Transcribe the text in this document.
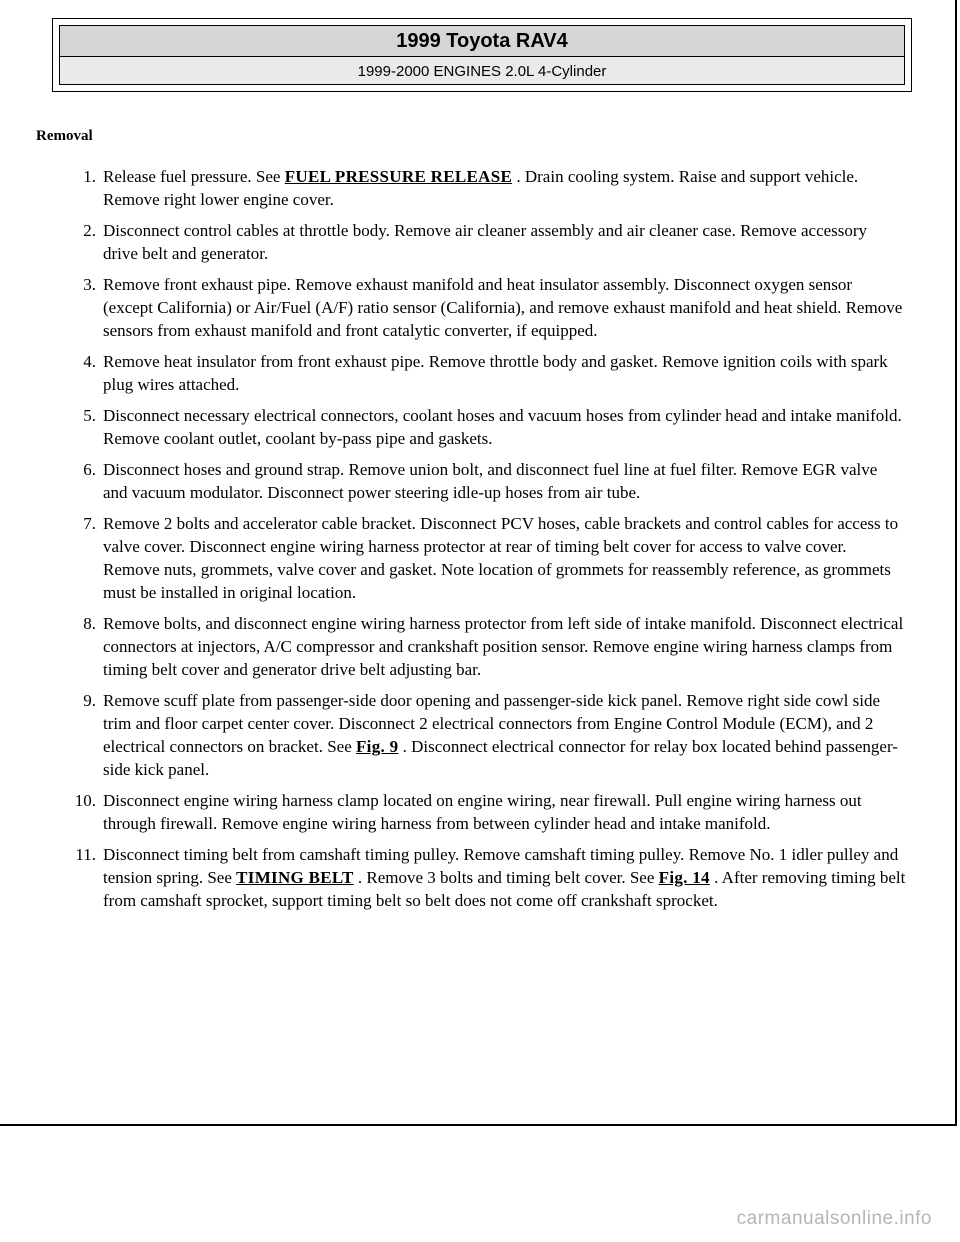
1999 Toyota RAV4
1999-2000 ENGINES 2.0L 4-Cylinder
Removal
1. Release fuel pressure. See FUEL PRESSURE RELEASE . Drain cooling system. Raise and support vehicle. Remove right lower engine cover.
2. Disconnect control cables at throttle body. Remove air cleaner assembly and air cleaner case. Remove accessory drive belt and generator.
3. Remove front exhaust pipe. Remove exhaust manifold and heat insulator assembly. Disconnect oxygen sensor (except California) or Air/Fuel (A/F) ratio sensor (California), and remove exhaust manifold and heat shield. Remove sensors from exhaust manifold and front catalytic converter, if equipped.
4. Remove heat insulator from front exhaust pipe. Remove throttle body and gasket. Remove ignition coils with spark plug wires attached.
5. Disconnect necessary electrical connectors, coolant hoses and vacuum hoses from cylinder head and intake manifold. Remove coolant outlet, coolant by-pass pipe and gaskets.
6. Disconnect hoses and ground strap. Remove union bolt, and disconnect fuel line at fuel filter. Remove EGR valve and vacuum modulator. Disconnect power steering idle-up hoses from air tube.
7. Remove 2 bolts and accelerator cable bracket. Disconnect PCV hoses, cable brackets and control cables for access to valve cover. Disconnect engine wiring harness protector at rear of timing belt cover for access to valve cover. Remove nuts, grommets, valve cover and gasket. Note location of grommets for reassembly reference, as grommets must be installed in original location.
8. Remove bolts, and disconnect engine wiring harness protector from left side of intake manifold. Disconnect electrical connectors at injectors, A/C compressor and crankshaft position sensor. Remove engine wiring harness clamps from timing belt cover and generator drive belt adjusting bar.
9. Remove scuff plate from passenger-side door opening and passenger-side kick panel. Remove right side cowl side trim and floor carpet center cover. Disconnect 2 electrical connectors from Engine Control Module (ECM), and 2 electrical connectors on bracket. See Fig. 9 . Disconnect electrical connector for relay box located behind passenger-side kick panel.
10. Disconnect engine wiring harness clamp located on engine wiring, near firewall. Pull engine wiring harness out through firewall. Remove engine wiring harness from between cylinder head and intake manifold.
11. Disconnect timing belt from camshaft timing pulley. Remove camshaft timing pulley. Remove No. 1 idler pulley and tension spring. See TIMING BELT . Remove 3 bolts and timing belt cover. See Fig. 14 . After removing timing belt from camshaft sprocket, support timing belt so belt does not come off crankshaft sprocket.
carmanualsonline.info
